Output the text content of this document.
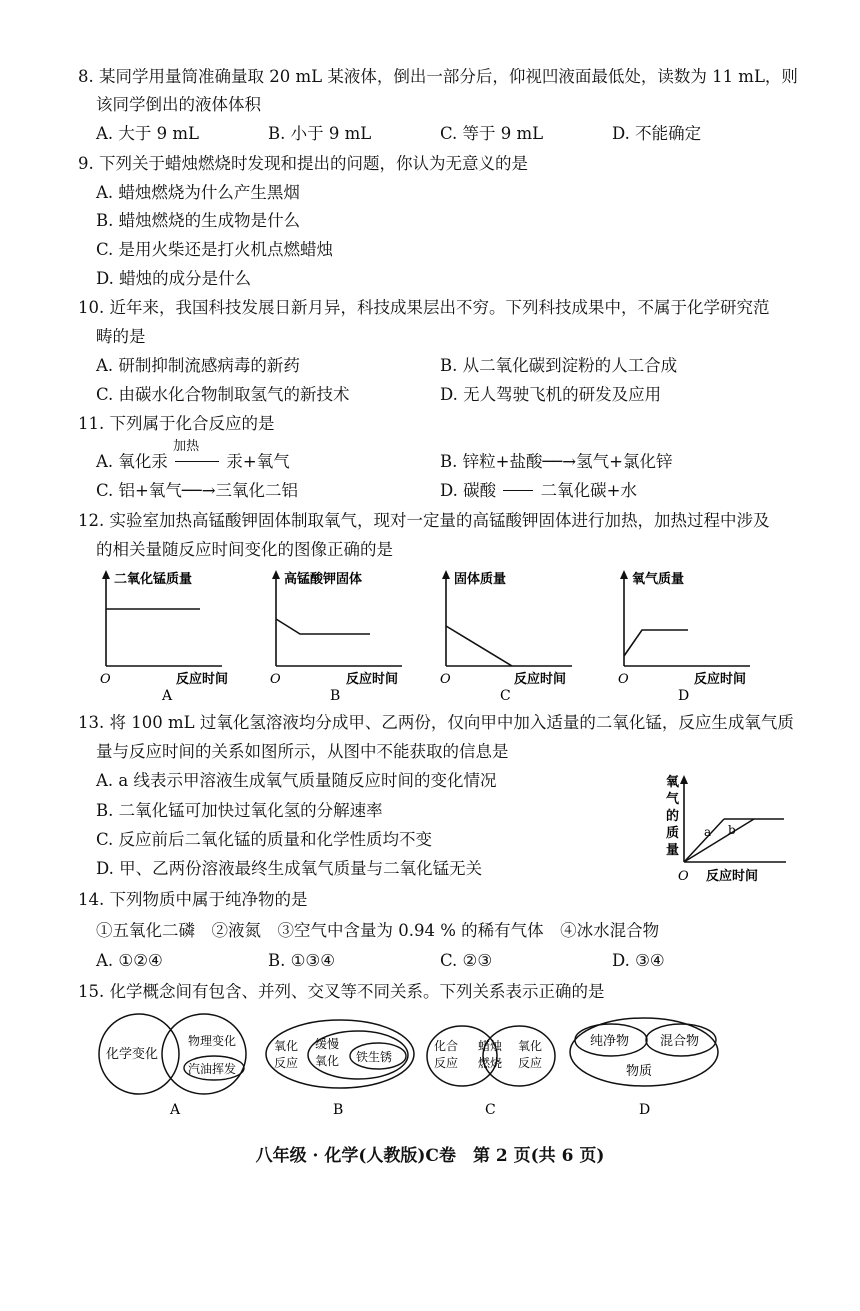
8. 某同学用量筒准确量取 20 mL 某液体，倒出一部分后，仰视凹液面最低处，读数为 11 mL，则
该同学倒出的液体体积
A. 大于 9 mL	B. 小于 9 mL	C. 等于 9 mL	D. 不能确定
9. 下列关于蜡烛燃烧时发现和提出的问题，你认为无意义的是
A. 蜡烛燃烧为什么产生黑烟
B. 蜡烛燃烧的生成物是什么
C. 是用火柴还是打火机点燃蜡烛
D. 蜡烛的成分是什么
10. 近年来，我国科技发展日新月异，科技成果层出不穷。下列科技成果中，不属于化学研究范
畴的是
A. 研制抑制流感病毒的新药	B. 从二氧化碳到淀粉的人工合成
C. 由碳水化合物制取氢气的新技术	D. 无人驾驶飞机的研发及应用
11. 下列属于化合反应的是
A. 氧化汞
加热
汞+氧气	B. 锌粒+盐酸──→氢气+氯化锌
C. 铝+氧气──→三氧化二铝	D. 碳酸	二氧化碳+水
12. 实验室加热高锰酸钾固体制取氧气，现对一定量的高锰酸钾固体进行加热，加热过程中涉及
的相关量随反应时间变化的图像正确的是
二氧化锰质量
O	反应时间
A
高锰酸钾固体
O	反应时间
B
固体质量
O	反应时间
C
氧气质量
O	反应时间
D
13. 将 100 mL 过氧化氢溶液均分成甲、乙两份，仅向甲中加入适量的二氧化锰，反应生成氧气质
量与反应时间的关系如图所示，从图中不能获取的信息是
A. a 线表示甲溶液生成氧气质量随反应时间的变化情况
B. 二氧化锰可加快过氧化氢的分解速率
C. 反应前后二氧化锰的质量和化学性质均不变
D. 甲、乙两份溶液最终生成氧气质量与二氧化锰无关
氧
气
的
质
量
a b
O 反应时间
14. 下列物质中属于纯净物的是
①五氧化二磷　②液氮　③空气中含量为 0.94 % 的稀有气体　④冰水混合物
A. ①②④	B. ①③④	C. ②③	D. ③④
15. 化学概念间有包含、并列、交叉等不同关系。下列关系表示正确的是
化学变化
物理变化
汽油挥发
A
氧化
反应
缓慢
氧化 铁生锈
B
化合
反应
蜡烛
燃烧
氧化
反应
C
纯净物 混合物
物质
D
八年级 · 化学(人教版)C卷　第 2 页(共 6 页)
